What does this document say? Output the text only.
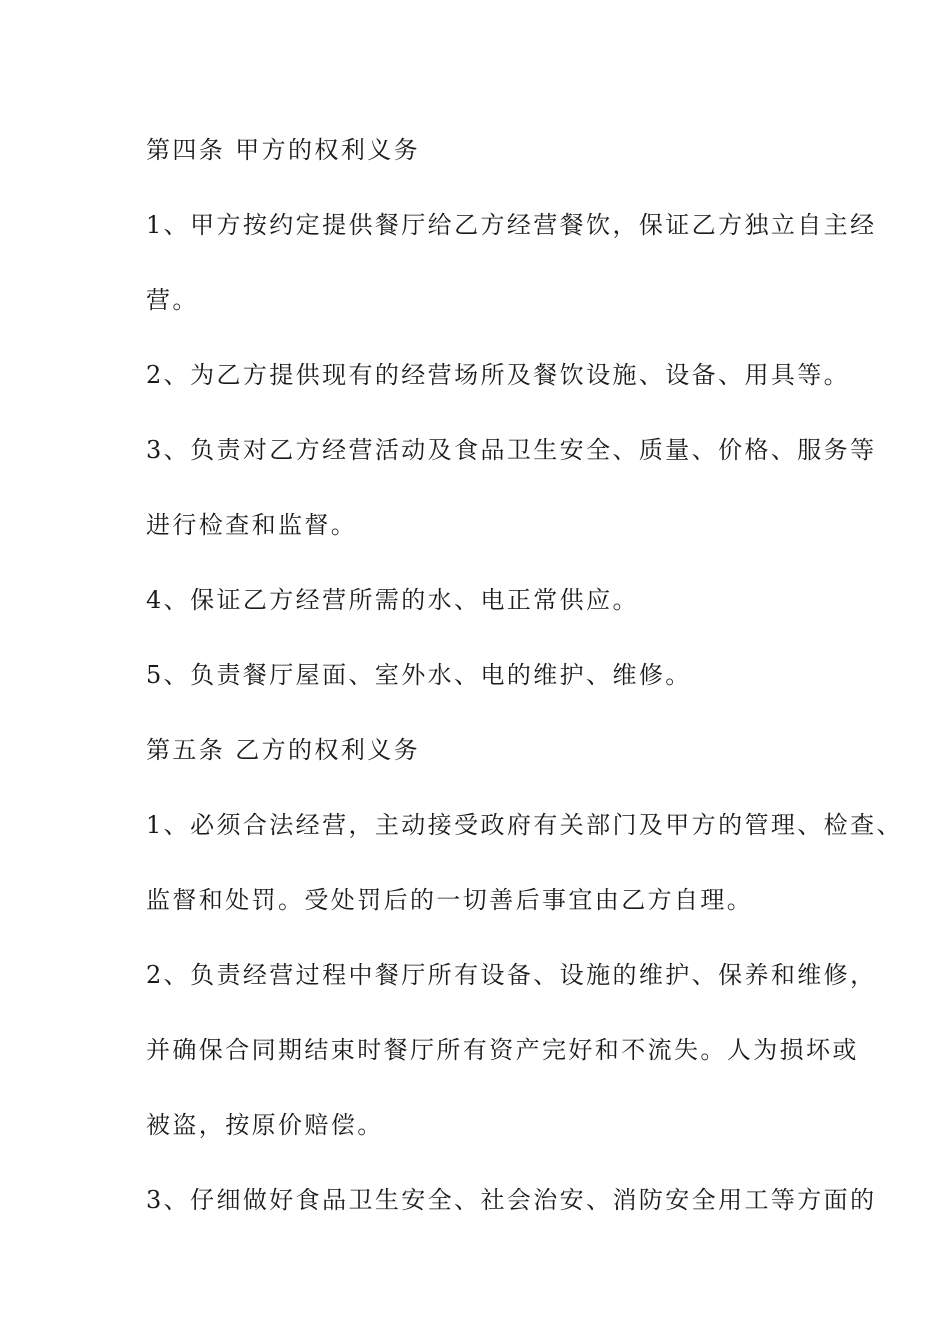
第四条 甲方的权利义务
1、甲方按约定提供餐厅给乙方经营餐饮，保证乙方独立自主经
营。
2、为乙方提供现有的经营场所及餐饮设施、设备、用具等。
3、负责对乙方经营活动及食品卫生安全、质量、价格、服务等
进行检查和监督。
4、保证乙方经营所需的水、电正常供应。
5、负责餐厅屋面、室外水、电的维护、维修。
第五条 乙方的权利义务
1、必须合法经营，主动接受政府有关部门及甲方的管理、检查、
监督和处罚。受处罚后的一切善后事宜由乙方自理。
2、负责经营过程中餐厅所有设备、设施的维护、保养和维修，
并确保合同期结束时餐厅所有资产完好和不流失。人为损坏或
被盗，按原价赔偿。
3、仔细做好食品卫生安全、社会治安、消防安全用工等方面的
